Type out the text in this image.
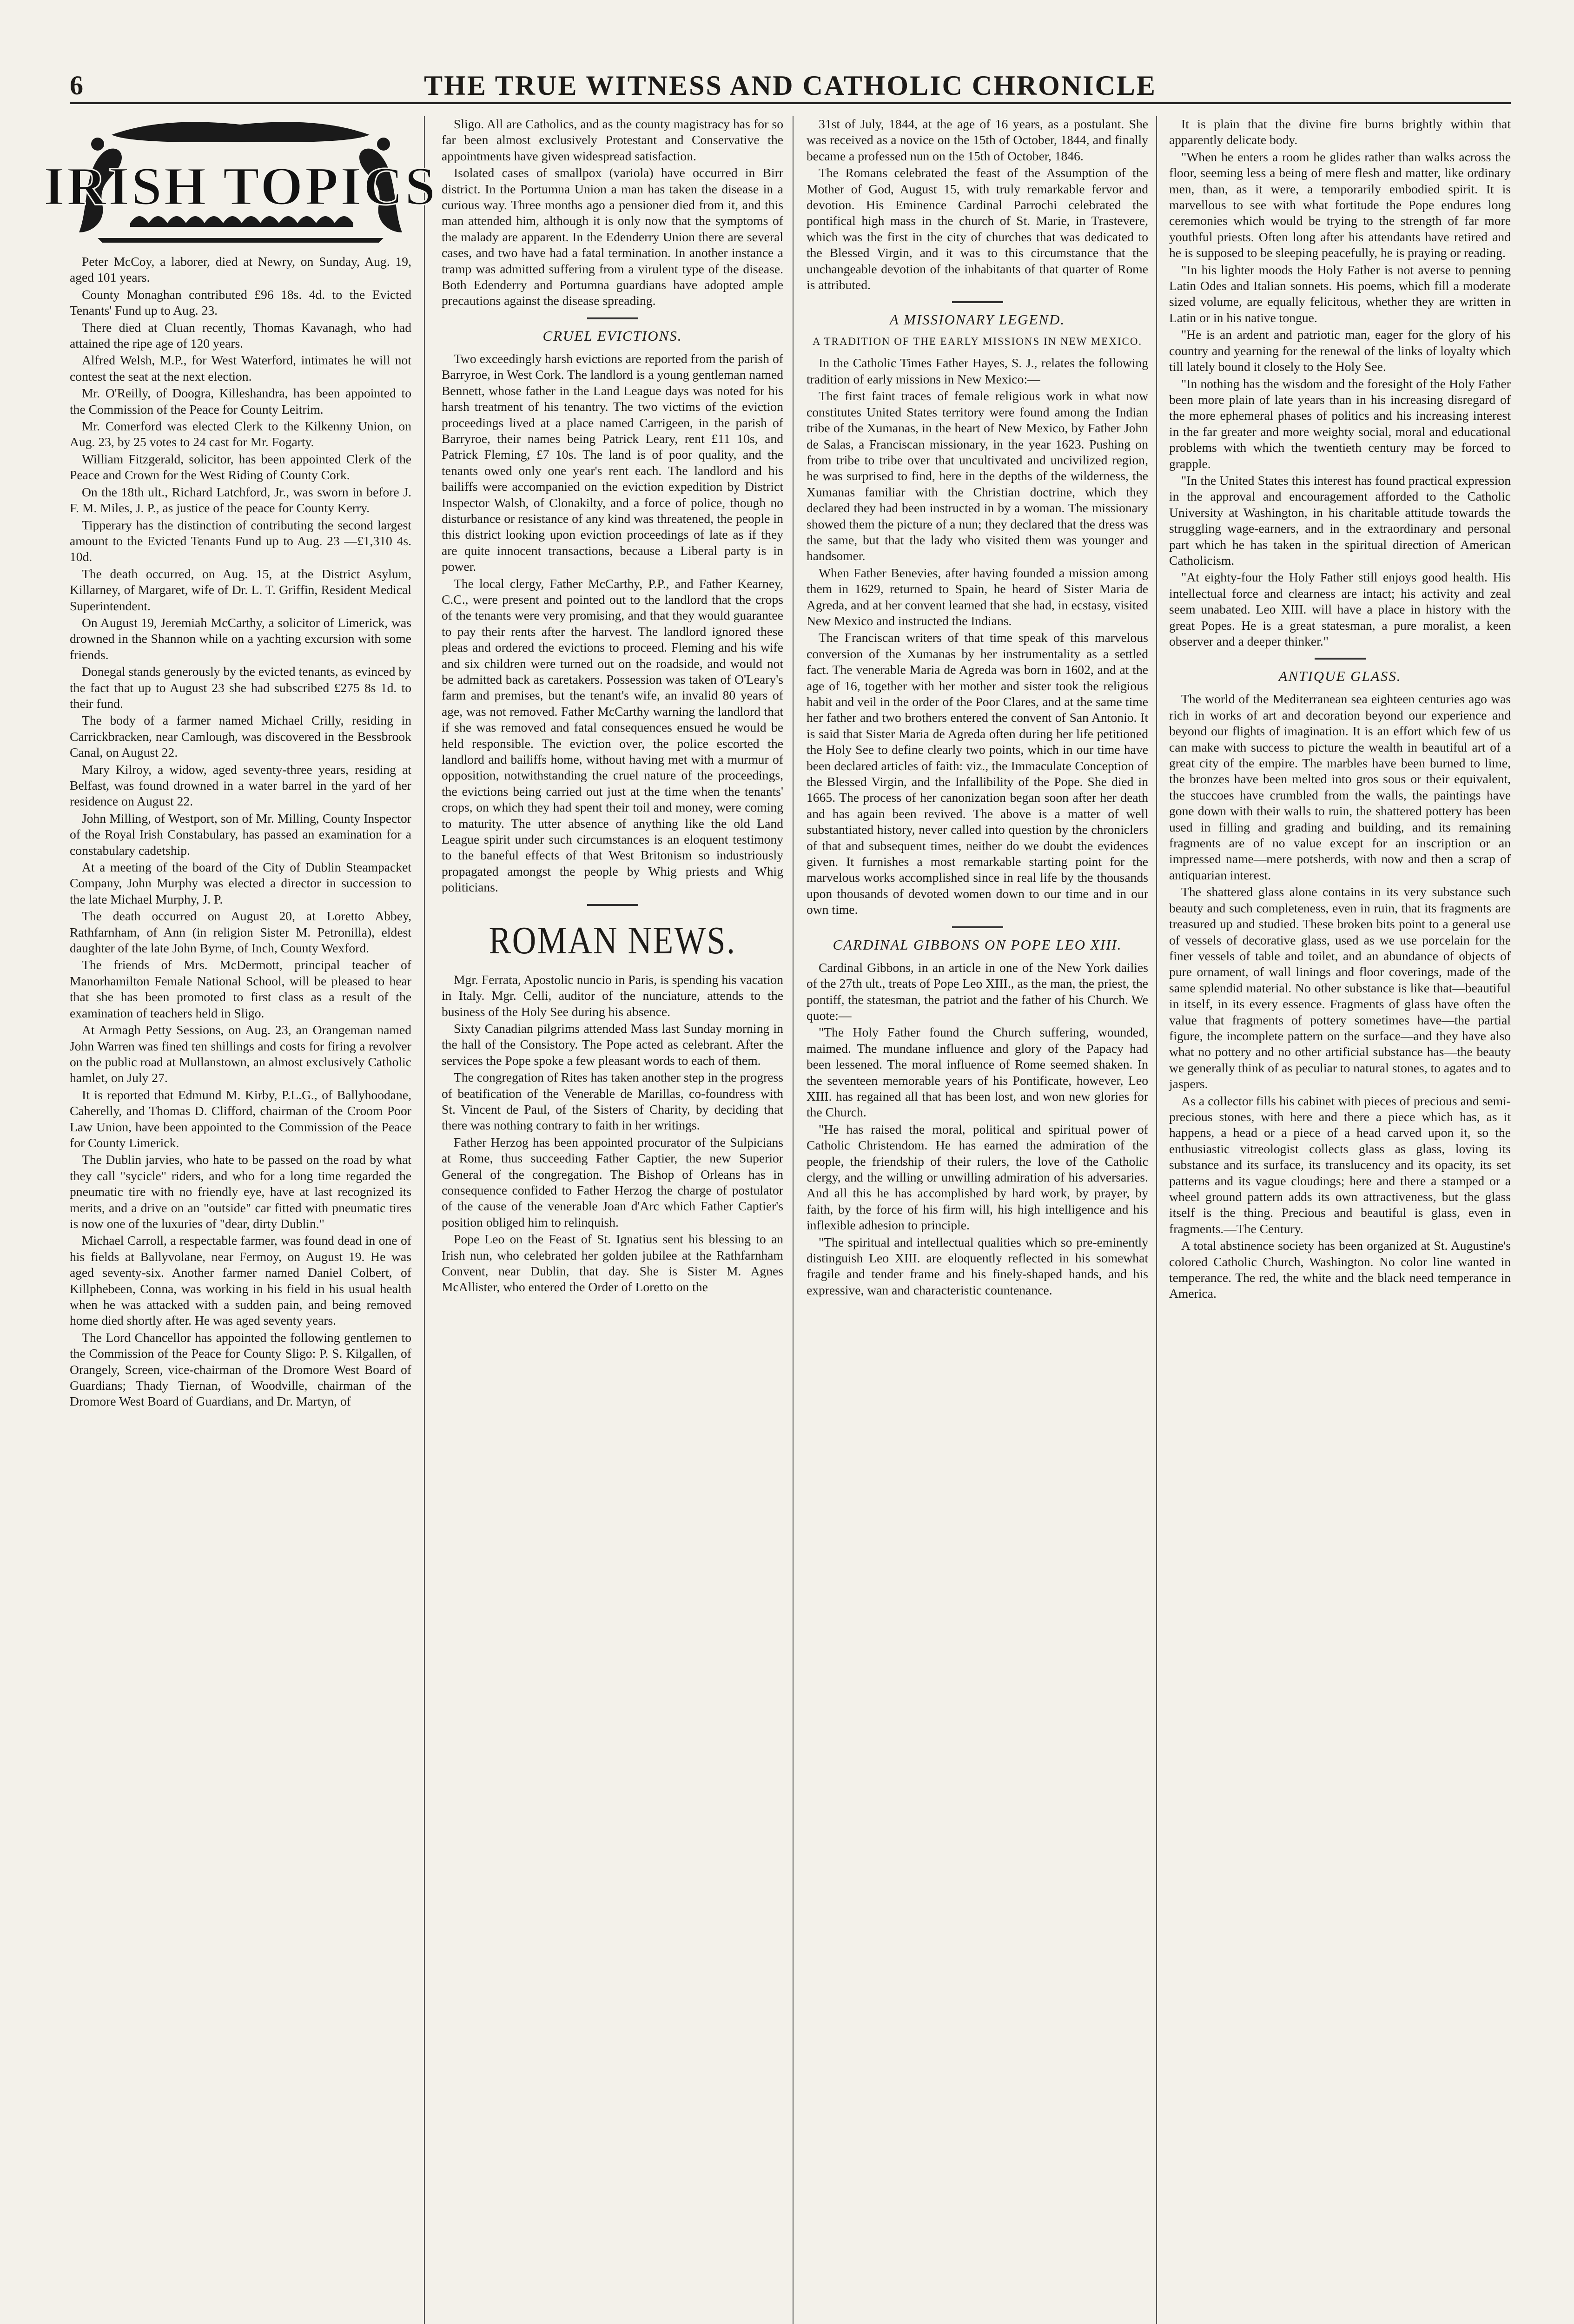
6	THE TRUE WITNESS AND CATHOLIC CHRONICLE
IRISH TOPICS

Peter McCoy, a laborer, died at Newry, on Sunday, Aug. 19, aged 101 years.

County Monaghan contributed £96 18s. 4d. to the Evicted Tenants' Fund up to Aug. 23.

There died at Cluan recently, Thomas Kavanagh, who had attained the ripe age of 120 years.

Alfred Welsh, M.P., for West Waterford, intimates he will not contest the seat at the next election.

Mr. O'Reilly, of Doogra, Killeshandra, has been appointed to the Commission of the Peace for County Leitrim.

Mr. Comerford was elected Clerk to the Kilkenny Union, on Aug. 23, by 25 votes to 24 cast for Mr. Fogarty.

William Fitzgerald, solicitor, has been appointed Clerk of the Peace and Crown for the West Riding of County Cork.

On the 18th ult., Richard Latchford, Jr., was sworn in before J. F. M. Miles, J. P., as justice of the peace for County Kerry.

Tipperary has the distinction of contributing the second largest amount to the Evicted Tenants Fund up to Aug. 23 —£1,310 4s. 10d.

The death occurred, on Aug. 15, at the District Asylum, Killarney, of Margaret, wife of Dr. L. T. Griffin, Resident Medical Superintendent.

On August 19, Jeremiah McCarthy, a solicitor of Limerick, was drowned in the Shannon while on a yachting excursion with some friends.

Donegal stands generously by the evicted tenants, as evinced by the fact that up to August 23 she had subscribed £275 8s 1d. to their fund.

The body of a farmer named Michael Crilly, residing in Carrickbracken, near Camlough, was discovered in the Bessbrook Canal, on August 22.

Mary Kilroy, a widow, aged seventy-three years, residing at Belfast, was found drowned in a water barrel in the yard of her residence on August 22.

John Milling, of Westport, son of Mr. Milling, County Inspector of the Royal Irish Constabulary, has passed an examination for a constabulary cadetship.

At a meeting of the board of the City of Dublin Steampacket Company, John Murphy was elected a director in succession to the late Michael Murphy, J. P.

The death occurred on August 20, at Loretto Abbey, Rathfarnham, of Ann (in religion Sister M. Petronilla), eldest daughter of the late John Byrne, of Inch, County Wexford.

The friends of Mrs. McDermott, principal teacher of Manorhamilton Female National School, will be pleased to hear that she has been promoted to first class as a result of the examination of teachers held in Sligo.

At Armagh Petty Sessions, on Aug. 23, an Orangeman named John Warren was fined ten shillings and costs for firing a revolver on the public road at Mullanstown, an almost exclusively Catholic hamlet, on July 27.

It is reported that Edmund M. Kirby, P.L.G., of Ballyhoodane, Caherelly, and Thomas D. Clifford, chairman of the Croom Poor Law Union, have been appointed to the Commission of the Peace for County Limerick.

The Dublin jarvies, who hate to be passed on the road by what they call "sycicle" riders, and who for a long time regarded the pneumatic tire with no friendly eye, have at last recognized its merits, and a drive on an "outside" car fitted with pneumatic tires is now one of the luxuries of "dear, dirty Dublin."

Michael Carroll, a respectable farmer, was found dead in one of his fields at Ballyvolane, near Fermoy, on August 19. He was aged seventy-six. Another farmer named Daniel Colbert, of Killphebeen, Conna, was working in his field in his usual health when he was attacked with a sudden pain, and being removed home died shortly after. He was aged seventy years.

The Lord Chancellor has appointed the following gentlemen to the Commission of the Peace for County Sligo: P. S. Kilgallen, of Orangely, Screen, vice-chairman of the Dromore West Board of Guardians; Thady Tiernan, of Woodville, chairman of the Dromore West Board of Guardians, and Dr. Martyn, of

Sligo. All are Catholics, and as the county magistracy has for so far been almost exclusively Protestant and Conservative the appointments have given widespread satisfaction.

Isolated cases of smallpox (variola) have occurred in Birr district. In the Portumna Union a man has taken the disease in a curious way. Three months ago a pensioner died from it, and this man attended him, although it is only now that the symptoms of the malady are apparent. In the Edenderry Union there are several cases, and two have had a fatal termination. In another instance a tramp was admitted suffering from a virulent type of the disease. Both Edenderry and Portumna guardians have adopted ample precautions against the disease spreading.

CRUEL EVICTIONS.

Two exceedingly harsh evictions are reported from the parish of Barryroe, in West Cork. The landlord is a young gentleman named Bennett, whose father in the Land League days was noted for his harsh treatment of his tenantry. The two victims of the eviction proceedings lived at a place named Carrigeen, in the parish of Barryroe, their names being Patrick Leary, rent £11 10s, and Patrick Fleming, £7 10s. The land is of poor quality, and the tenants owed only one year's rent each. The landlord and his bailiffs were accompanied on the eviction expedition by District Inspector Walsh, of Clonakilty, and a force of police, though no disturbance or resistance of any kind was threatened, the people in this district looking upon eviction proceedings of late as if they are quite innocent transactions, because a Liberal party is in power.

The local clergy, Father McCarthy, P.P., and Father Kearney, C.C., were present and pointed out to the landlord that the crops of the tenants were very promising, and that they would guarantee to pay their rents after the harvest. The landlord ignored these pleas and ordered the evictions to proceed. Fleming and his wife and six children were turned out on the roadside, and would not be admitted back as caretakers. Possession was taken of O'Leary's farm and premises, but the tenant's wife, an invalid 80 years of age, was not removed. Father McCarthy warning the landlord that if she was removed and fatal consequences ensued he would be held responsible. The eviction over, the police escorted the landlord and bailiffs home, without having met with a murmur of opposition, notwithstanding the cruel nature of the proceedings, the evictions being carried out just at the time when the tenants' crops, on which they had spent their toil and money, were coming to maturity. The utter absence of anything like the old Land League spirit under such circumstances is an eloquent testimony to the baneful effects of that West Britonism so industriously propagated amongst the people by Whig priests and Whig politicians.

ROMAN NEWS.

Mgr. Ferrata, Apostolic nuncio in Paris, is spending his vacation in Italy. Mgr. Celli, auditor of the nunciature, attends to the business of the Holy See during his absence.

Sixty Canadian pilgrims attended Mass last Sunday morning in the hall of the Consistory. The Pope acted as celebrant. After the services the Pope spoke a few pleasant words to each of them.

The congregation of Rites has taken another step in the progress of beatification of the Venerable de Marillas, co-foundress with St. Vincent de Paul, of the Sisters of Charity, by deciding that there was nothing contrary to faith in her writings.

Father Herzog has been appointed procurator of the Sulpicians at Rome, thus succeeding Father Captier, the new Superior General of the congregation. The Bishop of Orleans has in consequence confided to Father Herzog the charge of postulator of the cause of the venerable Joan d'Arc which Father Captier's position obliged him to relinquish.

Pope Leo on the Feast of St. Ignatius sent his blessing to an Irish nun, who celebrated her golden jubilee at the Rathfarnham Convent, near Dublin, that day. She is Sister M. Agnes McAllister, who entered the Order of Loretto on the

31st of July, 1844, at the age of 16 years, as a postulant. She was received as a novice on the 15th of October, 1844, and finally became a professed nun on the 15th of October, 1846.

The Romans celebrated the feast of the Assumption of the Mother of God, August 15, with truly remarkable fervor and devotion. His Eminence Cardinal Parrochi celebrated the pontifical high mass in the church of St. Marie, in Trastevere, which was the first in the city of churches that was dedicated to the Blessed Virgin, and it was to this circumstance that the unchangeable devotion of the inhabitants of that quarter of Rome is attributed.

A MISSIONARY LEGEND.
A TRADITION OF THE EARLY MISSIONS IN NEW MEXICO.

In the Catholic Times Father Hayes, S. J., relates the following tradition of early missions in New Mexico:—

The first faint traces of female religious work in what now constitutes United States territory were found among the Indian tribe of the Xumanas, in the heart of New Mexico, by Father John de Salas, a Franciscan missionary, in the year 1623. Pushing on from tribe to tribe over that uncultivated and uncivilized region, he was surprised to find, here in the depths of the wilderness, the Xumanas familiar with the Christian doctrine, which they declared they had been instructed in by a woman. The missionary showed them the picture of a nun; they declared that the dress was the same, but that the lady who visited them was younger and handsomer.

When Father Benevies, after having founded a mission among them in 1629, returned to Spain, he heard of Sister Maria de Agreda, and at her convent learned that she had, in ecstasy, visited New Mexico and instructed the Indians.

The Franciscan writers of that time speak of this marvelous conversion of the Xumanas by her instrumentality as a settled fact. The venerable Maria de Agreda was born in 1602, and at the age of 16, together with her mother and sister took the religious habit and veil in the order of the Poor Clares, and at the same time her father and two brothers entered the convent of San Antonio. It is said that Sister Maria de Agreda often during her life petitioned the Holy See to define clearly two points, which in our time have been declared articles of faith: viz., the Immaculate Conception of the Blessed Virgin, and the Infallibility of the Pope. She died in 1665. The process of her canonization began soon after her death and has again been revived. The above is a matter of well substantiated history, never called into question by the chroniclers of that and subsequent times, neither do we doubt the evidences given. It furnishes a most remarkable starting point for the marvelous works accomplished since in real life by the thousands upon thousands of devoted women down to our time and in our own time.

CARDINAL GIBBONS ON POPE LEO XIII.

Cardinal Gibbons, in an article in one of the New York dailies of the 27th ult., treats of Pope Leo XIII., as the man, the priest, the pontiff, the statesman, the patriot and the father of his Church. We quote:—

"The Holy Father found the Church suffering, wounded, maimed. The mundane influence and glory of the Papacy had been lessened. The moral influence of Rome seemed shaken. In the seventeen memorable years of his Pontificate, however, Leo XIII. has regained all that has been lost, and won new glories for the Church.

"He has raised the moral, political and spiritual power of Catholic Christendom. He has earned the admiration of the people, the friendship of their rulers, the love of the Catholic clergy, and the willing or unwilling admiration of his adversaries. And all this he has accomplished by hard work, by prayer, by faith, by the force of his firm will, his high intelligence and his inflexible adhesion to principle.

"The spiritual and intellectual qualities which so pre-eminently distinguish Leo XIII. are eloquently reflected in his somewhat fragile and tender frame and his finely-shaped hands, and his expressive, wan and characteristic countenance.

It is plain that the divine fire burns brightly within that apparently delicate body.

"When he enters a room he glides rather than walks across the floor, seeming less a being of mere flesh and matter, like ordinary men, than, as it were, a temporarily embodied spirit. It is marvellous to see with what fortitude the Pope endures long ceremonies which would be trying to the strength of far more youthful priests. Often long after his attendants have retired and he is supposed to be sleeping peacefully, he is praying or reading.

"In his lighter moods the Holy Father is not averse to penning Latin Odes and Italian sonnets. His poems, which fill a moderate sized volume, are equally felicitous, whether they are written in Latin or in his native tongue.

"He is an ardent and patriotic man, eager for the glory of his country and yearning for the renewal of the links of loyalty which till lately bound it closely to the Holy See.

"In nothing has the wisdom and the foresight of the Holy Father been more plain of late years than in his increasing disregard of the more ephemeral phases of politics and his increasing interest in the far greater and more weighty social, moral and educational problems with which the twentieth century may be forced to grapple.

"In the United States this interest has found practical expression in the approval and encouragement afforded to the Catholic University at Washington, in his charitable attitude towards the struggling wage-earners, and in the extraordinary and personal part which he has taken in the spiritual direction of American Catholicism.

"At eighty-four the Holy Father still enjoys good health. His intellectual force and clearness are intact; his activity and zeal seem unabated. Leo XIII. will have a place in history with the great Popes. He is a great statesman, a pure moralist, a keen observer and a deeper thinker."

ANTIQUE GLASS.

The world of the Mediterranean sea eighteen centuries ago was rich in works of art and decoration beyond our experience and beyond our flights of imagination. It is an effort which few of us can make with success to picture the wealth in beautiful art of a great city of the empire. The marbles have been burned to lime, the bronzes have been melted into gros sous or their equivalent, the stuccoes have crumbled from the walls, the paintings have gone down with their walls to ruin, the shattered pottery has been used in filling and grading and building, and its remaining fragments are of no value except for an inscription or an impressed name—mere potsherds, with now and then a scrap of antiquarian interest.

The shattered glass alone contains in its very substance such beauty and such completeness, even in ruin, that its fragments are treasured up and studied. These broken bits point to a general use of vessels of decorative glass, used as we use porcelain for the finer vessels of table and toilet, and an abundance of objects of pure ornament, of wall linings and floor coverings, made of the same splendid material. No other substance is like that—beautiful in itself, in its every essence. Fragments of glass have often the value that fragments of pottery sometimes have—the partial figure, the incomplete pattern on the surface—and they have also what no pottery and no other artificial substance has—the beauty we generally think of as peculiar to natural stones, to agates and to jaspers.

As a collector fills his cabinet with pieces of precious and semi-precious stones, with here and there a piece which has, as it happens, a head or a piece of a head carved upon it, so the enthusiastic vitreologist collects glass as glass, loving its substance and its surface, its translucency and its opacity, its set patterns and its vague cloudings; here and there a stamped or a wheel ground pattern adds its own attractiveness, but the glass itself is the thing. Precious and beautiful is glass, even in fragments.—The Century.

A total abstinence society has been organized at St. Augustine's colored Catholic Church, Washington. No color line wanted in temperance. The red, the white and the black need temperance in America.
